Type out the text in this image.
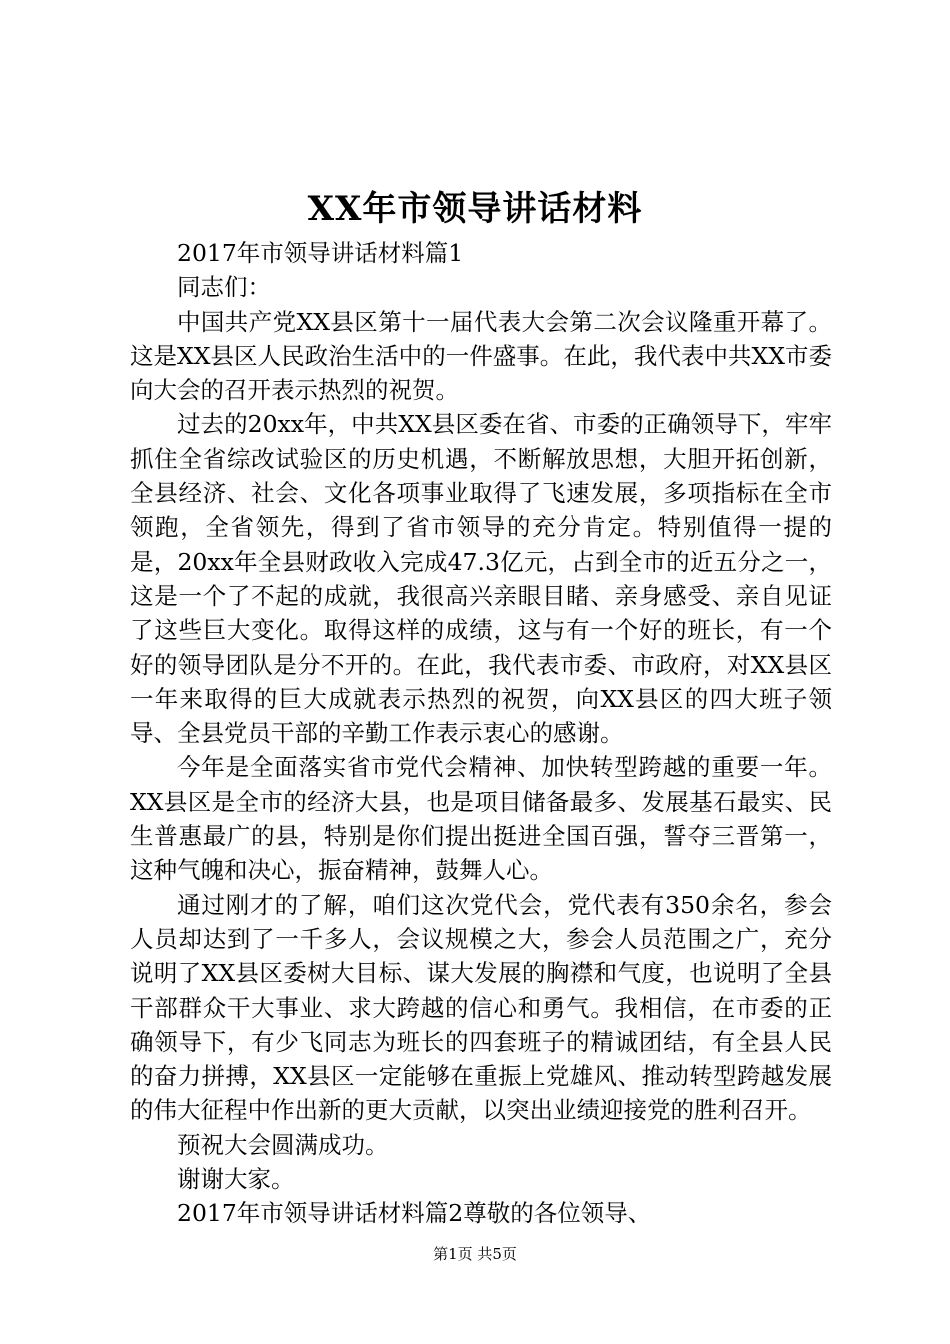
XX年市领导讲话材料

2017年市领导讲话材料篇1

同志们：

中国共产党XX县区第十一届代表大会第二次会议隆重开幕了。这是XX县区人民政治生活中的一件盛事。在此，我代表中共XX市委向大会的召开表示热烈的祝贺。

过去的20xx年，中共XX县区委在省、市委的正确领导下，牢牢抓住全省综改试验区的历史机遇，不断解放思想，大胆开拓创新，全县经济、社会、文化各项事业取得了飞速发展，多项指标在全市领跑，全省领先，得到了省市领导的充分肯定。特别值得一提的是，20xx年全县财政收入完成47.3亿元，占到全市的近五分之一，这是一个了不起的成就，我很高兴亲眼目睹、亲身感受、亲自见证了这些巨大变化。取得这样的成绩，这与有一个好的班长，有一个好的领导团队是分不开的。在此，我代表市委、市政府，对XX县区一年来取得的巨大成就表示热烈的祝贺，向XX县区的四大班子领导、全县党员干部的辛勤工作表示衷心的感谢。

今年是全面落实省市党代会精神、加快转型跨越的重要一年。XX县区是全市的经济大县，也是项目储备最多、发展基石最实、民生普惠最广的县，特别是你们提出挺进全国百强，誓夺三晋第一，这种气魄和决心，振奋精神，鼓舞人心。

通过刚才的了解，咱们这次党代会，党代表有350余名，参会人员却达到了一千多人，会议规模之大，参会人员范围之广，充分说明了XX县区委树大目标、谋大发展的胸襟和气度，也说明了全县干部群众干大事业、求大跨越的信心和勇气。我相信，在市委的正确领导下，有少飞同志为班长的四套班子的精诚团结，有全县人民的奋力拼搏，XX县区一定能够在重振上党雄风、推动转型跨越发展的伟大征程中作出新的更大贡献，以突出业绩迎接党的胜利召开。

预祝大会圆满成功。

谢谢大家。

2017年市领导讲话材料篇2尊敬的各位领导、

第1页 共5页
